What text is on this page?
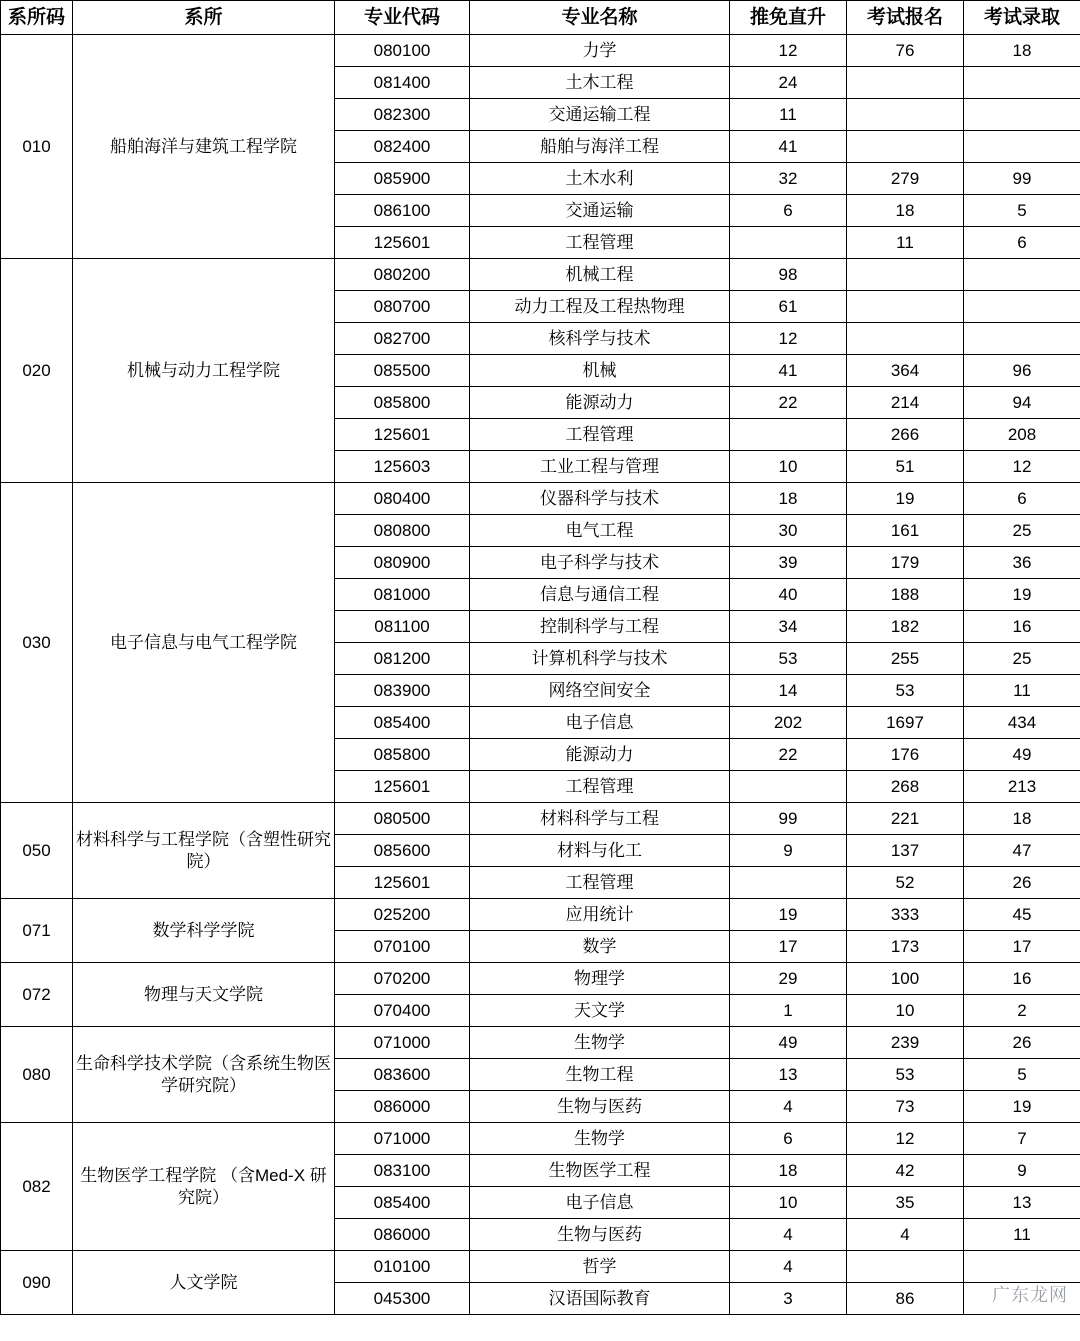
系所码	系所	专业代码	专业名称	推免直升	考试报名	考试录取
010	船舶海洋与建筑工程学院	080100	力学	12	76	18
		081400	土木工程	24		
		082300	交通运输工程	11		
		082400	船舶与海洋工程	41		
		085900	土木水利	32	279	99
		086100	交通运输	6	18	5
		125601	工程管理		11	6
020	机械与动力工程学院	080200	机械工程	98		
		080700	动力工程及工程热物理	61		
		082700	核科学与技术	12		
		085500	机械	41	364	96
		085800	能源动力	22	214	94
		125601	工程管理		266	208
		125603	工业工程与管理	10	51	12
030	电子信息与电气工程学院	080400	仪器科学与技术	18	19	6
		080800	电气工程	30	161	25
		080900	电子科学与技术	39	179	36
		081000	信息与通信工程	40	188	19
		081100	控制科学与工程	34	182	16
		081200	计算机科学与技术	53	255	25
		083900	网络空间安全	14	53	11
		085400	电子信息	202	1697	434
		085800	能源动力	22	176	49
		125601	工程管理		268	213
050	材料科学与工程学院（含塑性研究院）	080500	材料科学与工程	99	221	18
		085600	材料与化工	9	137	47
		125601	工程管理		52	26
071	数学科学学院	025200	应用统计	19	333	45
		070100	数学	17	173	17
072	物理与天文学院	070200	物理学	29	100	16
		070400	天文学	1	10	2
080	生命科学技术学院（含系统生物医学研究院）	071000	生物学	49	239	26
		083600	生物工程	13	53	5
		086000	生物与医药	4	73	19
082	生物医学工程学院 （含Med-X 研究院）	071000	生物学	6	12	7
		083100	生物医学工程	18	42	9
		085400	电子信息	10	35	13
		086000	生物与医药	4	4	11
090	人文学院	010100	哲学	4		
		045300	汉语国际教育	3	86		广东龙网
